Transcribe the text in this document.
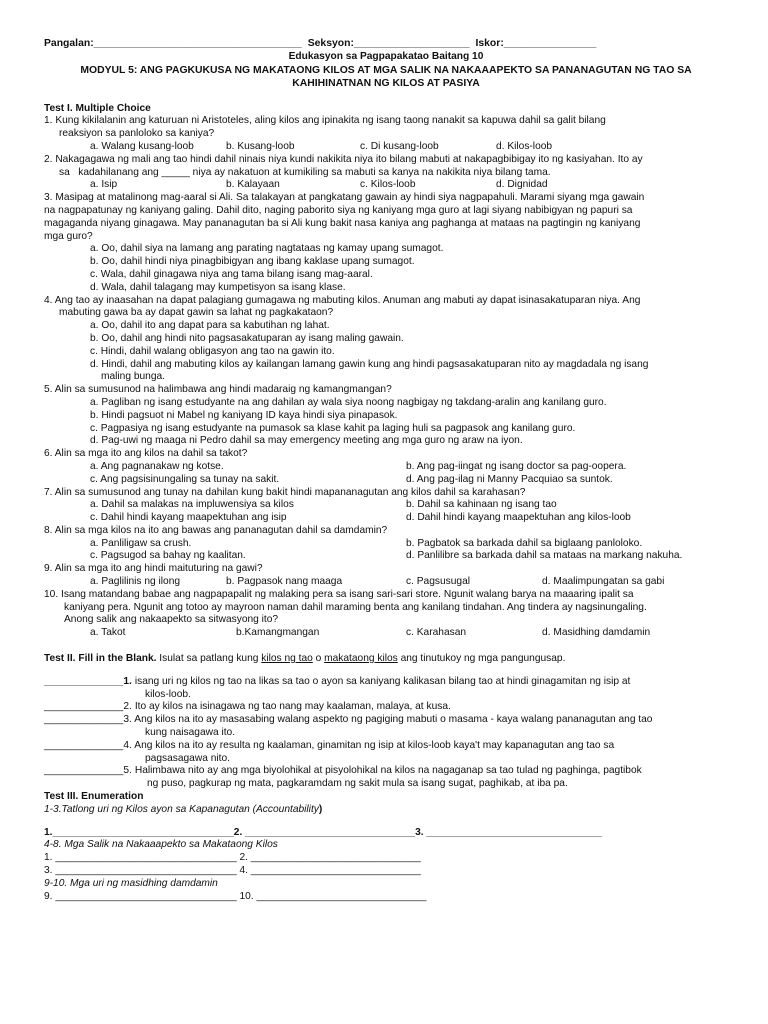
Pangalan:____________________________________ Seksyon:____________________ Iskor:________________
Edukasyon sa Pagpapakatao Baitang 10
MODYUL 5: ANG PAGKUKUSA NG MAKATAONG KILOS AT MGA SALIK NA NAKAAAPEKTO SA PANANAGUTAN NG TAO SA KAHIHINATNAN NG KILOS AT PASIYA
Test I. Multiple Choice
1. Kung kikilalanin ang katuruan ni Aristoteles, aling kilos ang ipinakita ng isang taong nanakit sa kapuwa dahil sa galit bilang
reaksiyon sa panloloko sa kaniya?
a. Walang kusang-loob	b. Kusang-loob	c. Di kusang-loob	d. Kilos-loob
2. Nakagagawa ng mali ang tao hindi dahil ninais niya kundi nakikita niya ito bilang mabuti at nakapagbibigay ito ng kasiyahan. Ito ay
sa   kadahilanang ang _____ niya ay nakatuon at kumikiling sa mabuti sa kanya na nakikita niya bilang tama.
a. Isip	b. Kalayaan	c. Kilos-loob	d. Dignidad
3. Masipag at matalinong mag-aaral si Ali. Sa talakayan at pangkatang gawain ay hindi siya nagpapahuli. Marami siyang mga gawain
na nagpapatunay ng kaniyang galing. Dahil dito, naging paborito siya ng kaniyang mga guro at lagi siyang nabibigyan ng papuri sa
magaganda niyang ginagawa. May pananagutan ba si Ali kung bakit nasa kaniya ang paghanga at mataas na pagtingin ng kaniyang
mga guro?
a. Oo, dahil siya na lamang ang parating nagtataas ng kamay upang sumagot.
b. Oo, dahil hindi niya pinagbibigyan ang ibang kaklase upang sumagot.
c. Wala, dahil ginagawa niya ang tama bilang isang mag-aaral.
d. Wala, dahil talagang may kumpetisyon sa isang klase.
4. Ang tao ay inaasahan na dapat palagiang gumagawa ng mabuting kilos. Anuman ang mabuti ay dapat isinasakatuparan niya. Ang
mabuting gawa ba ay dapat gawin sa lahat ng pagkakataon?
a. Oo, dahil ito ang dapat para sa kabutihan ng lahat.
b. Oo, dahil ang hindi nito pagsasakatuparan ay isang maling gawain.
c. Hindi, dahil walang obligasyon ang tao na gawin ito.
d. Hindi, dahil ang mabuting kilos ay kailangan lamang gawin kung ang hindi pagsasakatuparan nito ay magdadala ng isang
maling bunga.
5. Alin sa sumusunod na halimbawa ang hindi madaraig ng kamangmangan?
a. Pagliban ng isang estudyante na ang dahilan ay wala siya noong nagbigay ng takdang-aralin ang kanilang guro.
b. Hindi pagsuot ni Mabel ng kaniyang ID kaya hindi siya pinapasok.
c. Pagpasiya ng isang estudyante na pumasok sa klase kahit pa laging huli sa pagpasok ang kanilang guro.
d. Pag-uwi ng maaga ni Pedro dahil sa may emergency meeting ang mga guro ng araw na iyon.
6. Alin sa mga ito ang kilos na dahil sa takot?
a. Ang pagnanakaw ng kotse.	b. Ang pag-iingat ng isang doctor sa pag-oopera.
c. Ang pagsisinungaling sa tunay na sakit.	d. Ang pag-ilag ni Manny Pacquiao sa suntok.
7. Alin sa sumusunod ang tunay na dahilan kung bakit hindi mapananagutan ang kilos dahil sa karahasan?
a. Dahil sa malakas na impluwensiya sa kilos	b. Dahil sa kahinaan ng isang tao
c. Dahil hindi kayang maapektuhan ang isip	d. Dahil hindi kayang maapektuhan ang kilos-loob
8. Alin sa mga kilos na ito ang bawas ang pananagutan dahil sa damdamin?
a. Panliligaw sa crush.	b. Pagbatok sa barkada dahil sa biglaang panloloko.
c. Pagsugod sa bahay ng kaalitan.	d. Panlilibre sa barkada dahil sa mataas na markang nakuha.
9. Alin sa mga ito ang hindi maituturing na gawi?
a. Paglilinis ng ilong	b. Pagpasok nang maaga	c. Pagsusugal	d. Maalimpungatan sa gabi
10. Isang matandang babae ang nagpapapalit ng malaking pera sa isang sari-sari store. Ngunit walang barya na maaaring ipalit sa
kaniyang pera. Ngunit ang totoo ay mayroon naman dahil maraming benta ang kanilang tindahan. Ang tindera ay nagsinungaling.
Anong salik ang nakaapekto sa sitwasyong ito?
a. Takot	b.Kamangmangan	c. Karahasan	d. Masidhing damdamin
Test II. Fill in the Blank. Isulat sa patlang kung kilos ng tao o makataong kilos ang tinutukoy ng mga pangungusap.
______________1. isang uri ng kilos ng tao na likas sa tao o ayon sa kaniyang kalikasan bilang tao at hindi ginagamitan ng isip at
kilos-loob.
______________2. Ito ay kilos na isinagawa ng tao nang may kaalaman, malaya, at kusa.
______________3. Ang kilos na ito ay masasabing walang aspekto ng pagiging mabuti o masama - kaya walang pananagutan ang tao
kung naisagawa ito.
______________4. Ang kilos na ito ay resulta ng kaalaman, ginamitan ng isip at kilos-loob kaya't may kapanagutan ang tao sa
pagsasagawa nito.
______________5. Halimbawa nito ay ang mga biyolohikal at pisyolohikal na kilos na nagaganap sa tao tulad ng paghinga, pagtibok
ng puso, pagkurap ng mata, pagkaramdam ng sakit mula sa isang sugat, paghikab, at iba pa.
Test III. Enumeration
1-3.Tatlong uri ng Kilos ayon sa Kapanagutan (Accountability)
1.________________________________2. ______________________________3. _______________________________
4-8. Mga Salik na Nakaaapekto sa Makataong Kilos
1. ________________________________ 2. ______________________________
3. ________________________________ 4. ______________________________
9-10. Mga uri ng masidhing damdamin
9. ________________________________ 10. ______________________________
